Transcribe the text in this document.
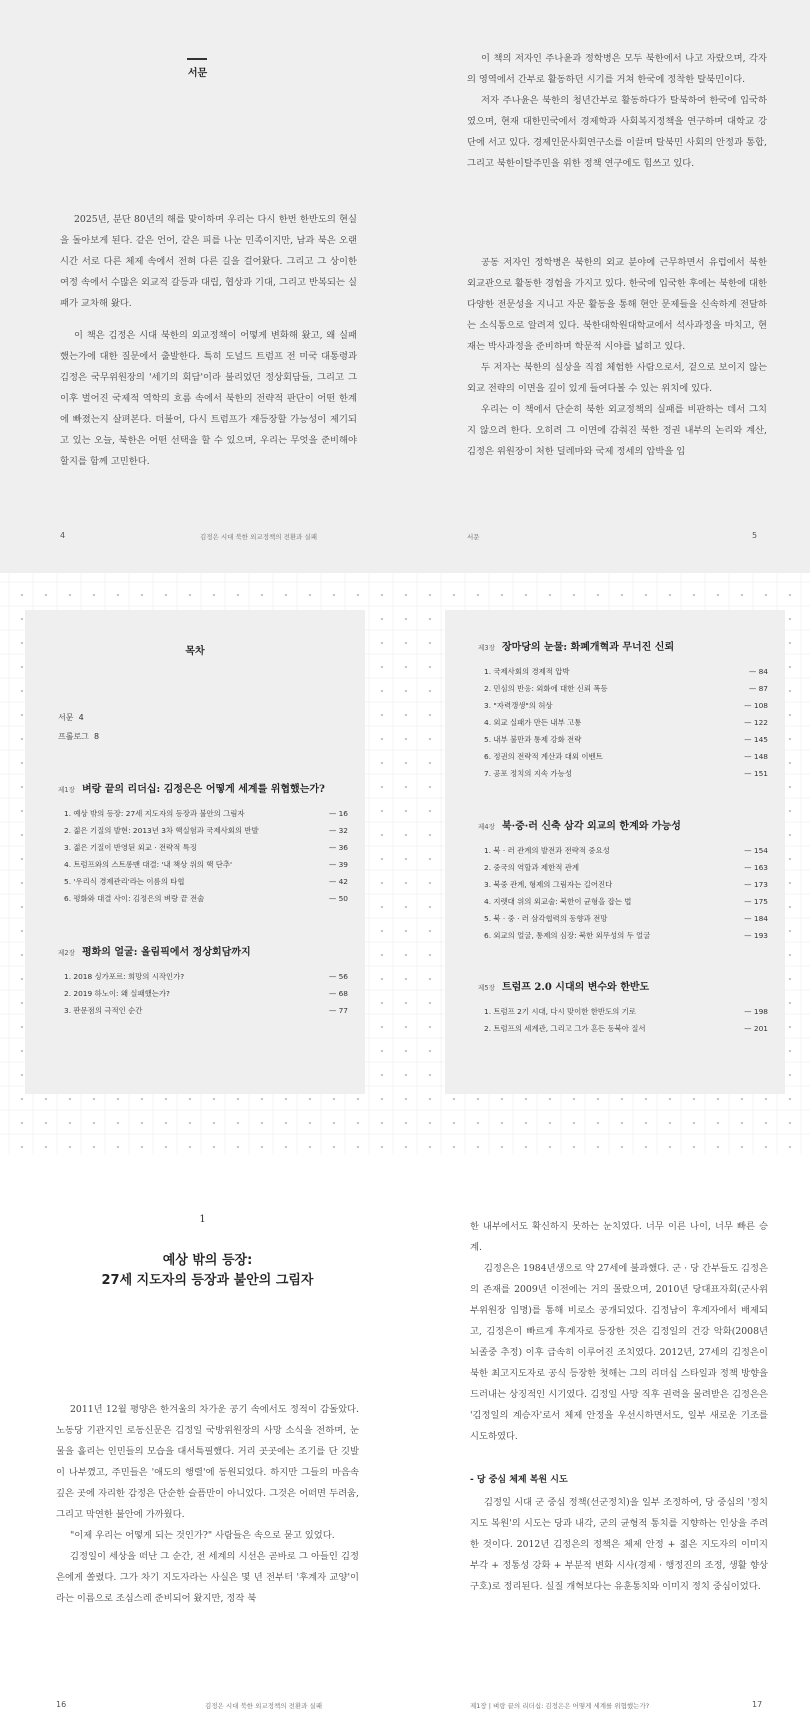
서문

2025년, 분단 80년의 해를 맞이하며 우리는 다시 한번 한반도의 현실을 돌아보게 된다. 같은 언어, 같은 피를 나눈 민족이지만, 남과 북은 오랜 시간 서로 다른 체제 속에서 전혀 다른 길을 걸어왔다. 그리고 그 상이한 여정 속에서 수많은 외교적 갈등과 대립, 협상과 기대, 그리고 반복되는 실패가 교차해 왔다.

이 책은 김정은 시대 북한의 외교정책이 어떻게 변화해 왔고, 왜 실패했는가에 대한 질문에서 출발한다. 특히 도널드 트럼프 전 미국 대통령과 김정은 국무위원장의 '세기의 회담'이라 불리었던 정상회담들, 그리고 그 이후 벌어진 국제적 역학의 흐름 속에서 북한의 전략적 판단이 어떤 한계에 빠졌는지 살펴본다. 더불어, 다시 트럼프가 재등장할 가능성이 제기되고 있는 오늘, 북한은 어떤 선택을 할 수 있으며, 우리는 무엇을 준비해야 할지를 함께 고민한다.

4	김정은 시대 북한 외교정책의 전환과 실패

이 책의 저자인 주나윤과 정학병은 모두 북한에서 나고 자랐으며, 각자의 영역에서 간부로 활동하던 시기를 거쳐 한국에 정착한 탈북민이다.

저자 주나윤은 북한의 청년간부로 활동하다가 탈북하여 한국에 입국하였으며, 현재 대한민국에서 경제학과 사회복지정책을 연구하며 대학교 강단에 서고 있다. 경제인문사회연구소를 이끌며 탈북민 사회의 안정과 통합, 그리고 북한이탈주민을 위한 정책 연구에도 힘쓰고 있다.

공동 저자인 정학병은 북한의 외교 분야에 근무하면서 유럽에서 북한 외교관으로 활동한 경험을 가지고 있다. 한국에 입국한 후에는 북한에 대한 다양한 전문성을 지니고 자문 활동을 통해 현안 문제들을 신속하게 전달하는 소식통으로 알려져 있다. 북한대학원대학교에서 석사과정을 마치고, 현재는 박사과정을 준비하며 학문적 시야를 넓히고 있다.

두 저자는 북한의 실상을 직접 체험한 사람으로서, 겉으로 보이지 않는 외교 전략의 이면을 깊이 있게 들여다볼 수 있는 위치에 있다.

우리는 이 책에서 단순히 북한 외교정책의 실패를 비판하는 데서 그치지 않으려 한다. 오히려 그 이면에 감춰진 북한 정권 내부의 논리와 계산, 김정은 위원장이 처한 딜레마와 국제 정세의 압박을 입

서문	5
목차
서문 4
프롤로그 8
제1장 벼랑 끝의 리더십: 김정은은 어떻게 세계를 위협했는가?
1. 예상 밖의 등장: 27세 지도자의 등장과 불안의 그림자	— 16
2. 젊은 기질의 발현: 2013년 3차 핵실험과 국제사회의 반발	— 32
3. 젊은 기질이 반영된 외교 · 전략적 특징	— 36
4. 트럼프와의 스트롱맨 대결: '내 책상 위의 핵 단추'	— 39
5. '우리식 경제관리'라는 이름의 타협	— 42
6. 평화와 대결 사이: 김정은의 벼랑 끝 전술	— 50
제2장 평화의 얼굴: 올림픽에서 정상회담까지
1. 2018 싱가포르: 희망의 시작인가?	— 56
2. 2019 하노이: 왜 실패했는가?	— 68
3. 판문점의 극적인 순간	— 77
제3장 장마당의 눈물: 화폐개혁과 무너진 신뢰
1. 국제사회의 경제적 압박	— 84
2. 민심의 반응: 외화에 대한 신뢰 폭등	— 87
3. "자력갱생"의 허상	— 108
4. 외교 실패가 만든 내부 고통	— 122
5. 내부 불만과 통제 강화 전략	— 145
6. 정권의 전략적 계산과 대외 이벤트	— 148
7. 공포 정치의 지속 가능성	— 151
제4장 북·중·러 신축 삼각 외교의 한계와 가능성
1. 북 · 러 관계의 발전과 전략적 중요성	— 154
2. 중국의 역할과 제한적 관계	— 163
3. 북중 관계, 형제의 그림자는 길어진다	— 173
4. 지렛대 위의 외교술: 북한이 균형을 잡는 법	— 175
5. 북 · 중 · 러 삼각협력의 동향과 전망	— 184
6. 외교의 얼굴, 통제의 심장: 북한 외무성의 두 얼굴	— 193
제5장 트럼프 2.0 시대의 변수와 한반도
1. 트럼프 2기 시대, 다시 맞이한 한반도의 기로	— 198
2. 트럼프의 세계관, 그리고 그가 흔든 동북아 질서	— 201
1
예상 밖의 등장:
27세 지도자의 등장과 불안의 그림자

2011년 12월 평양은 한겨울의 차가운 공기 속에서도 정적이 감돌았다. 노동당 기관지인 로동신문은 김정일 국방위원장의 사망 소식을 전하며, 눈물을 흘리는 인민들의 모습을 대서특필했다. 거리 곳곳에는 조기를 단 깃발이 나부꼈고, 주민들은 '애도의 행렬'에 동원되었다. 하지만 그들의 마음속 깊은 곳에 자리한 감정은 단순한 슬픔만이 아니었다. 그것은 어떠면 두려움, 그리고 막연한 불안에 가까웠다.

"이제 우리는 어떻게 되는 것인가?" 사람들은 속으로 묻고 있었다.

김정일이 세상을 떠난 그 순간, 전 세계의 시선은 곧바로 그 아들인 김정은에게 쏠렸다. 그가 차기 지도자라는 사실은 몇 년 전부터 '후계자 교양'이라는 이름으로 조심스레 준비되어 왔지만, 정작 북

16	김정은 시대 북한 외교정책의 전환과 실패

한 내부에서도 확신하지 못하는 눈치였다. 너무 이른 나이, 너무 빠른 승계.

김정은은 1984년생으로 약 27세에 불과했다. 군 · 당 간부들도 김정은의 존재를 2009년 이전에는 거의 몰랐으며, 2010년 당대표자회(군사위 부위원장 임명)를 통해 비로소 공개되었다. 김정남이 후계자에서 배제되고, 김정은이 빠르게 후계자로 등장한 것은 김정일의 건강 악화(2008년 뇌졸중 추정) 이후 급속히 이루어진 조치였다. 2012년, 27세의 김정은이 북한 최고지도자로 공식 등장한 첫해는 그의 리더십 스타일과 정책 방향을 드러내는 상징적인 시기였다. 김정일 사망 직후 권력을 물려받은 김정은은 '김정일의 계승자'로서 체제 안정을 우선시하면서도, 일부 새로운 기조를 시도하였다.

- 당 중심 체제 복원 시도

김정일 시대 군 중심 정책(선군정치)을 일부 조정하여, 당 중심의 '정치지도 복원'의 시도는 당과 내각, 군의 균형적 통치를 지향하는 인상을 주려 한 것이다. 2012년 김정은의 정책은 체제 안정 + 젊은 지도자의 이미지 부각 + 정통성 강화 + 부분적 변화 시사(경제 · 행정진의 조정, 생활 향상 구호)로 정리된다. 실질 개혁보다는 유훈통치와 이미지 정치 중심이었다.

제1장 | 벼랑 끝의 리더십: 김정은은 어떻게 세계를 위협했는가?	17
